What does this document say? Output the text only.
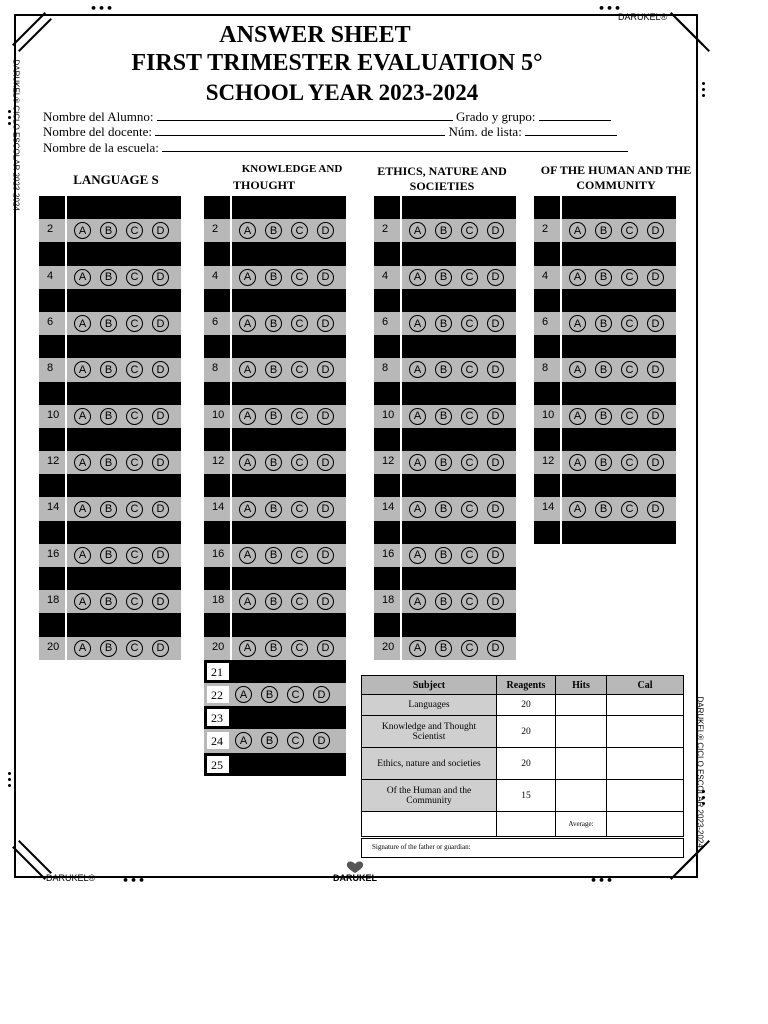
•••	•••
•••	•••
DARUKEL®
DARUKEL®
DARUKEL® CICLO ESCOLAR 2023-2024
DARUKEL® CICLO ESCOLAR 2023-2024
ANSWER SHEET
FIRST TRIMESTER EVALUATION 5°
SCHOOL YEAR 2023-2024
Nombre del Alumno:	Grado y grupo:
Nombre del docente:	Núm. de lista:
Nombre de la escuela:
LANGUAGE S
KNOWLEDGE AND
THOUGHT
ETHICS, NATURE AND SOCIETIES
OF THE HUMAN AND THE COMMUNITY
2	A	B	C	D
4	A	B	C	D
6	A	B	C	D
8	A	B	C	D
10	A	B	C	D
12	A	B	C	D
14	A	B	C	D
16	A	B	C	D
18	A	B	C	D
20	A	B	C	D
2	A	B	C	D
4	A	B	C	D
6	A	B	C	D
8	A	B	C	D
10	A	B	C	D
12	A	B	C	D
14	A	B	C	D
16	A	B	C	D
18	A	B	C	D
20	A	B	C	D
21
22	A	B	C	D
23
24	A	B	C	D
25
2	A	B	C	D
4	A	B	C	D
6	A	B	C	D
8	A	B	C	D
10	A	B	C	D
12	A	B	C	D
14	A	B	C	D
16	A	B	C	D
18	A	B	C	D
20	A	B	C	D
2	A	B	C	D
4	A	B	C	D
6	A	B	C	D
8	A	B	C	D
10	A	B	C	D
12	A	B	C	D
14	A	B	C	D
Subject	Reagents	Hits	Cal
Languages	20		
Knowledge and Thought Scientist	20		
Ethics, nature and societies	20		
Of the Human and the Community	15		
		Average:	
Signature of the father or guardian:
DARUKEL
